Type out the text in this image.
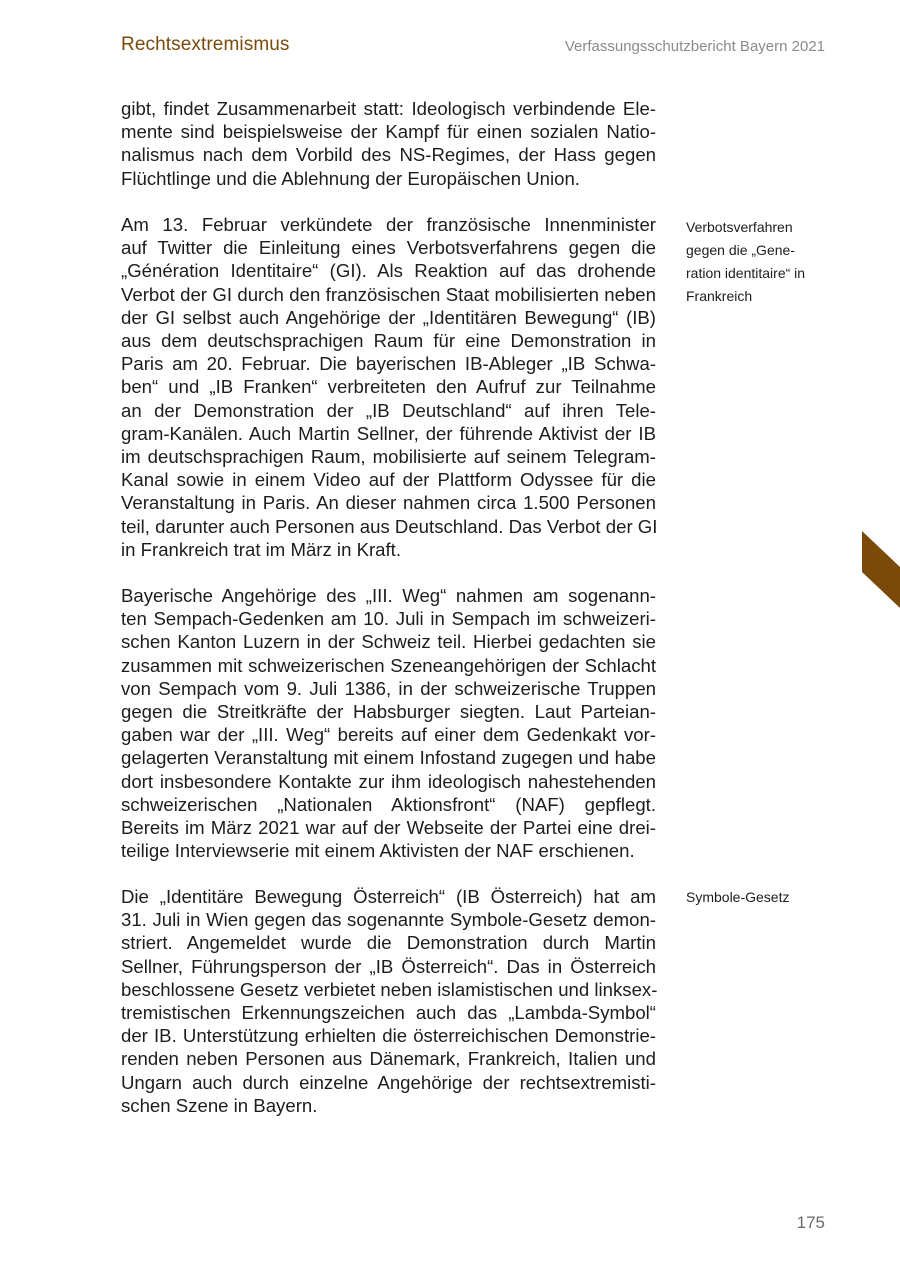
Rechtsextremismus	Verfassungsschutzbericht Bayern 2021

gibt, findet Zusammenarbeit statt: Ideologisch verbindende Ele-
mente sind beispielsweise der Kampf für einen sozialen Natio-
nalismus nach dem Vorbild des NS-Regimes, der Hass gegen
Flüchtlinge und die Ablehnung der Europäischen Union.

Am 13. Februar verkündete der französische Innenminister
auf Twitter die Einleitung eines Verbotsverfahrens gegen die
„Génération Identitaire“ (GI). Als Reaktion auf das drohende
Verbot der GI durch den französischen Staat mobilisierten neben
der GI selbst auch Angehörige der „Identitären Bewegung“ (IB)
aus dem deutschsprachigen Raum für eine Demonstration in
Paris am 20. Februar. Die bayerischen IB-Ableger „IB Schwa-
ben“ und „IB Franken“ verbreiteten den Aufruf zur Teilnahme
an der Demonstration der „IB Deutschland“ auf ihren Tele-
gram-Kanälen. Auch Martin Sellner, der führende Aktivist der IB
im deutschsprachigen Raum, mobilisierte auf seinem Telegram-
Kanal sowie in einem Video auf der Plattform Odyssee für die
Veranstaltung in Paris. An dieser nahmen circa 1.500 Personen
teil, darunter auch Personen aus Deutschland. Das Verbot der GI
in Frankreich trat im März in Kraft.

Bayerische Angehörige des „III. Weg“ nahmen am sogenann-
ten Sempach-Gedenken am 10. Juli in Sempach im schweizeri-
schen Kanton Luzern in der Schweiz teil. Hierbei gedachten sie
zusammen mit schweizerischen Szeneangehörigen der Schlacht
von Sempach vom 9. Juli 1386, in der schweizerische Truppen
gegen die Streitkräfte der Habsburger siegten. Laut Parteian-
gaben war der „III. Weg“ bereits auf einer dem Gedenkakt vor-
gelagerten Veranstaltung mit einem Infostand zugegen und habe
dort insbesondere Kontakte zur ihm ideologisch nahestehenden
schweizerischen „Nationalen Aktionsfront“ (NAF) gepflegt.
Bereits im März 2021 war auf der Webseite der Partei eine drei-
teilige Interviewserie mit einem Aktivisten der NAF erschienen.

Die „Identitäre Bewegung Österreich“ (IB Österreich) hat am
31. Juli in Wien gegen das sogenannte Symbole-Gesetz demon-
striert. Angemeldet wurde die Demonstration durch Martin
Sellner, Führungsperson der „IB Österreich“. Das in Österreich
beschlossene Gesetz verbietet neben islamistischen und linksex-
tremistischen Erkennungszeichen auch das „Lambda-Symbol“
der IB. Unterstützung erhielten die österreichischen Demonstrie-
renden neben Personen aus Dänemark, Frankreich, Italien und
Ungarn auch durch einzelne Angehörige der rechtsextremisti-
schen Szene in Bayern.

Verbotsverfahren
gegen die „Gene-
ration identitaire“ in
Frankreich
Symbole-Gesetz
175
